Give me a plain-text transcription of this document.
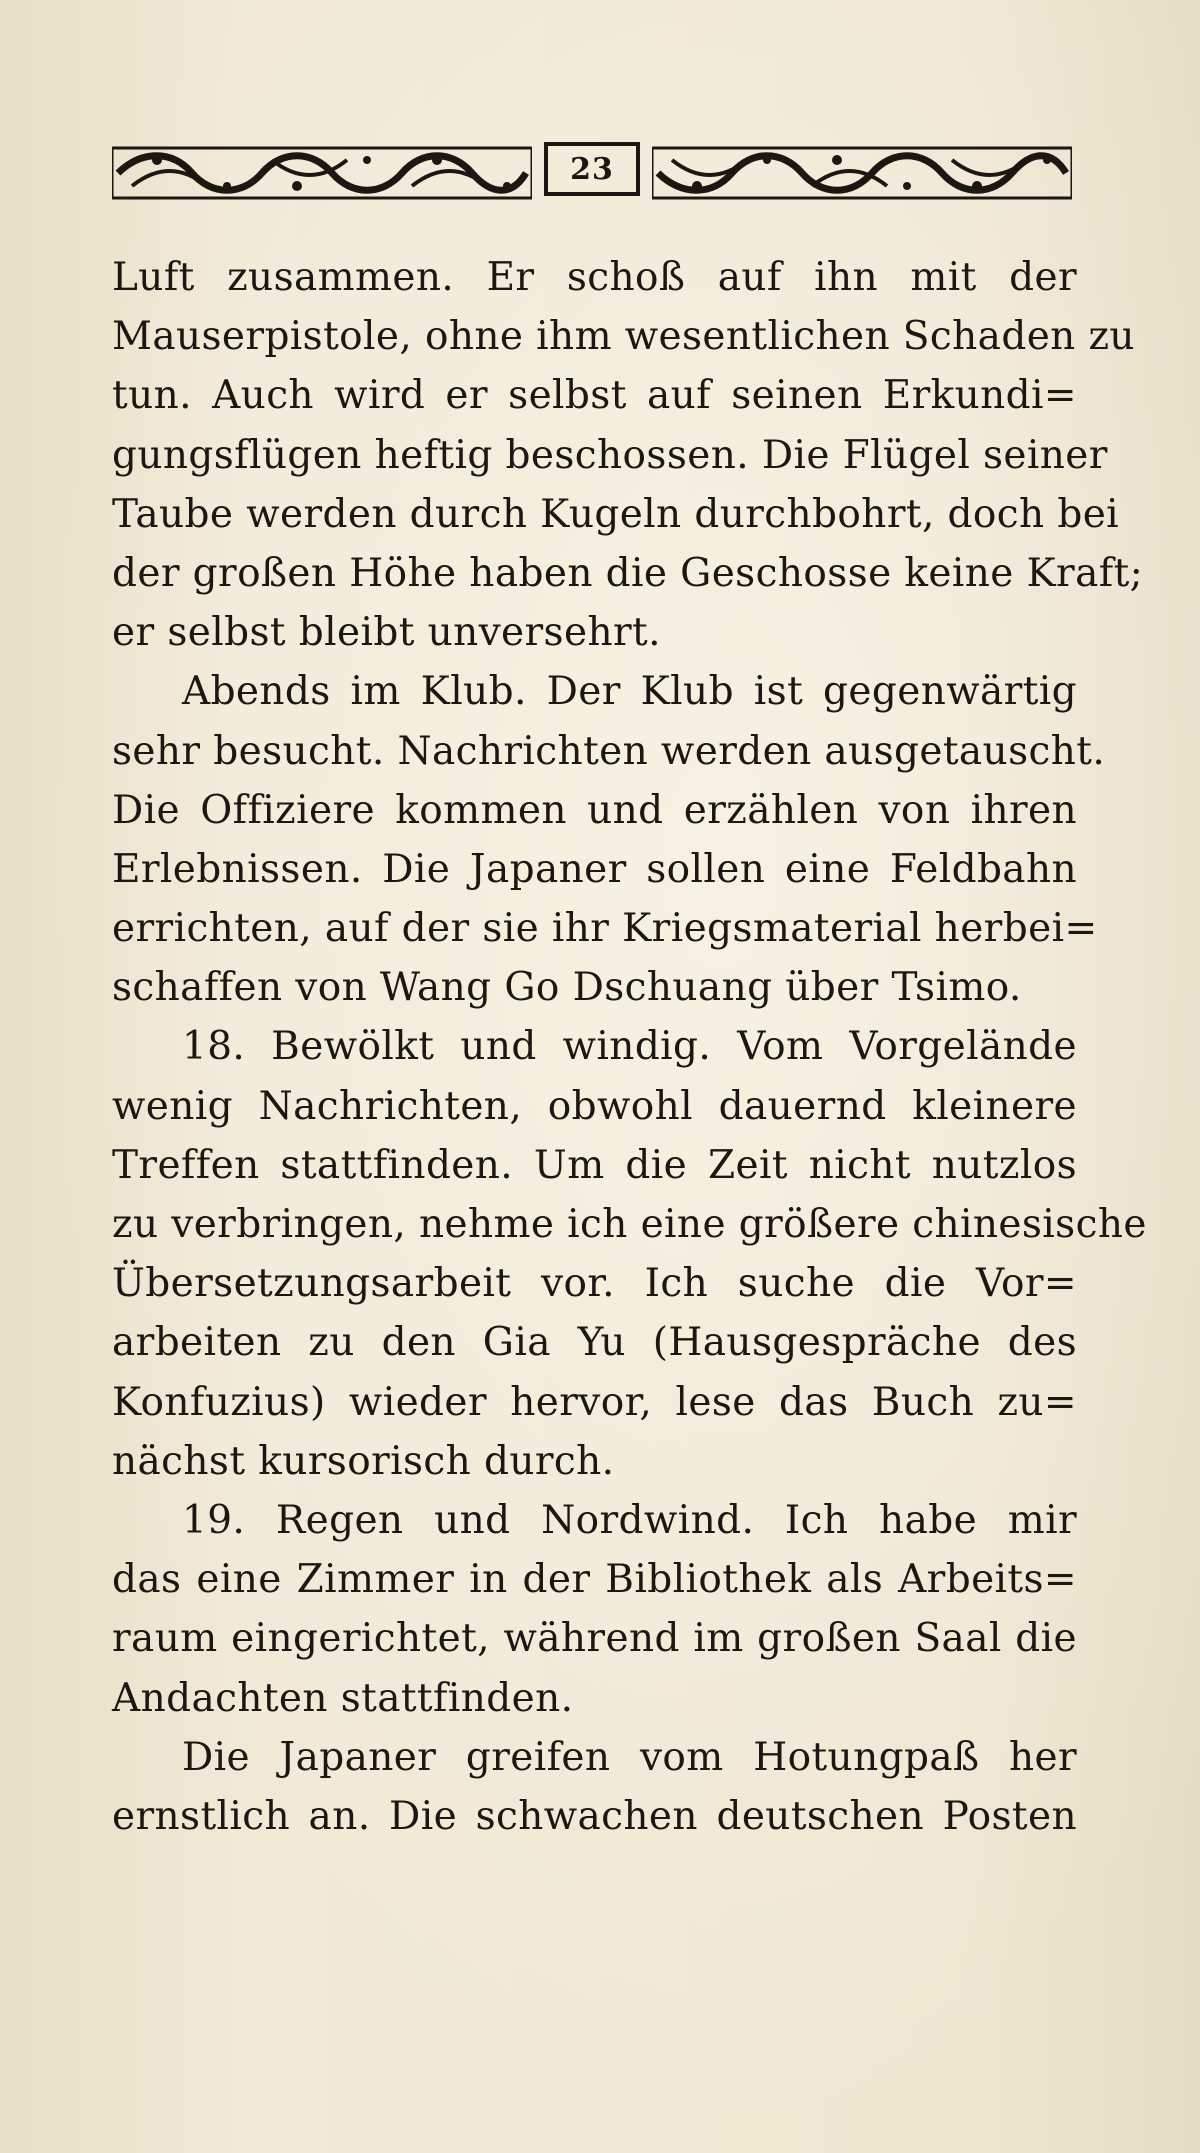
23
Luft zusammen. Er schoß auf ihn mit der
Mauserpistole, ohne ihm wesentlichen Schaden zu
tun. Auch wird er selbst auf seinen Erkundi=
gungsflügen heftig beschossen. Die Flügel seiner
Taube werden durch Kugeln durchbohrt, doch bei
der großen Höhe haben die Geschosse keine Kraft;
er selbst bleibt unversehrt.
Abends im Klub. Der Klub ist gegenwärtig
sehr besucht. Nachrichten werden ausgetauscht.
Die Offiziere kommen und erzählen von ihren
Erlebnissen. Die Japaner sollen eine Feldbahn
errichten, auf der sie ihr Kriegsmaterial herbei=
schaffen von Wang Go Dschuang über Tsimo.
18. Bewölkt und windig. Vom Vorgelände
wenig Nachrichten, obwohl dauernd kleinere
Treffen stattfinden. Um die Zeit nicht nutzlos
zu verbringen, nehme ich eine größere chinesische
Übersetzungsarbeit vor. Ich suche die Vor=
arbeiten zu den Gia Yu (Hausgespräche des
Konfuzius) wieder hervor, lese das Buch zu=
nächst kursorisch durch.
19. Regen und Nordwind. Ich habe mir
das eine Zimmer in der Bibliothek als Arbeits=
raum eingerichtet, während im großen Saal die
Andachten stattfinden.
Die Japaner greifen vom Hotungpaß her
ernstlich an. Die schwachen deutschen Posten
